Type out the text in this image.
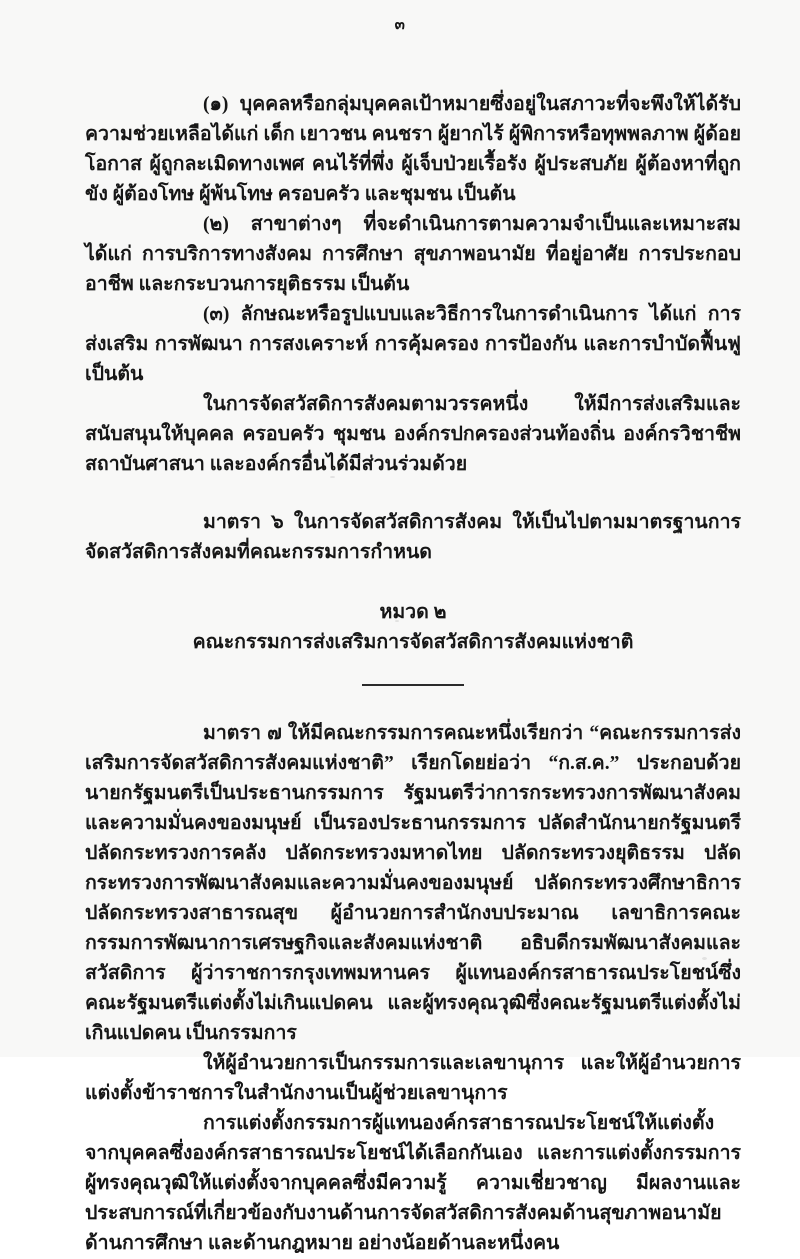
๓

(๑) บุคคลหรือกลุ่มบุคคลเป้าหมายซึ่งอยู่ในสภาวะที่จะพึงให้ได้รับความช่วยเหลือได้แก่ เด็ก เยาวชน คนชรา ผู้ยากไร้ ผู้พิการหรือทุพพลภาพ ผู้ด้อยโอกาส ผู้ถูกละเมิดทางเพศ คนไร้ที่พึ่ง ผู้เจ็บป่วยเรื้อรัง ผู้ประสบภัย ผู้ต้องหาที่ถูกขัง ผู้ต้องโทษ ผู้พ้นโทษ ครอบครัว และชุมชน เป็นต้น

(๒) สาขาต่างๆ ที่จะดำเนินการตามความจำเป็นและเหมาะสม ได้แก่ การบริการทางสังคม การศึกษา สุขภาพอนามัย ที่อยู่อาศัย การประกอบอาชีพ และกระบวนการยุติธรรม เป็นต้น

(๓) ลักษณะหรือรูปแบบและวิธีการในการดำเนินการ ได้แก่ การส่งเสริม การพัฒนา การสงเคราะห์ การคุ้มครอง การป้องกัน และการบำบัดฟื้นฟู เป็นต้น

ในการจัดสวัสดิการสังคมตามวรรคหนึ่ง ให้มีการส่งเสริมและสนับสนุนให้บุคคล ครอบครัว ชุมชน องค์กรปกครองส่วนท้องถิ่น องค์กรวิชาชีพ สถาบันศาสนา และองค์กรอื่นได้มีส่วนร่วมด้วย

มาตรา ๖ ในการจัดสวัสดิการสังคม ให้เป็นไปตามมาตรฐานการจัดสวัสดิการสังคมที่คณะกรรมการกำหนด

หมวด ๒

คณะกรรมการส่งเสริมการจัดสวัสดิการสังคมแห่งชาติ

มาตรา ๗ ให้มีคณะกรรมการคณะหนึ่งเรียกว่า “คณะกรรมการส่งเสริมการจัดสวัสดิการสังคมแห่งชาติ” เรียกโดยย่อว่า “ก.ส.ค.” ประกอบด้วยนายกรัฐมนตรีเป็นประธานกรรมการ รัฐมนตรีว่าการกระทรวงการพัฒนาสังคมและความมั่นคงของมนุษย์ เป็นรองประธานกรรมการ ปลัดสำนักนายกรัฐมนตรี ปลัดกระทรวงการคลัง ปลัดกระทรวงมหาดไทย ปลัดกระทรวงยุติธรรม ปลัดกระทรวงการพัฒนาสังคมและความมั่นคงของมนุษย์ ปลัดกระทรวงศึกษาธิการ ปลัดกระทรวงสาธารณสุข ผู้อำนวยการสำนักงบประมาณ เลขาธิการคณะกรรมการพัฒนาการเศรษฐกิจและสังคมแห่งชาติ อธิบดีกรมพัฒนาสังคมและสวัสดิการ ผู้ว่าราชการกรุงเทพมหานคร ผู้แทนองค์กรสาธารณประโยชน์ซึ่งคณะรัฐมนตรีแต่งตั้งไม่เกินแปดคน และผู้ทรงคุณวุฒิซึ่งคณะรัฐมนตรีแต่งตั้งไม่เกินแปดคน เป็นกรรมการ

ให้ผู้อำนวยการเป็นกรรมการและเลขานุการ และให้ผู้อำนวยการแต่งตั้งข้าราชการในสำนักงานเป็นผู้ช่วยเลขานุการ

การแต่งตั้งกรรมการผู้แทนองค์กรสาธารณประโยชน์ให้แต่งตั้งจากบุคคลซึ่งองค์กรสาธารณประโยชน์ได้เลือกกันเอง และการแต่งตั้งกรรมการผู้ทรงคุณวุฒิให้แต่งตั้งจากบุคคลซึ่งมีความรู้ ความเชี่ยวชาญ มีผลงานและประสบการณ์ที่เกี่ยวข้องกับงานด้านการจัดสวัสดิการสังคมด้านสุขภาพอนามัย ด้านการศึกษา และด้านกฎหมาย อย่างน้อยด้านละหนึ่งคน
